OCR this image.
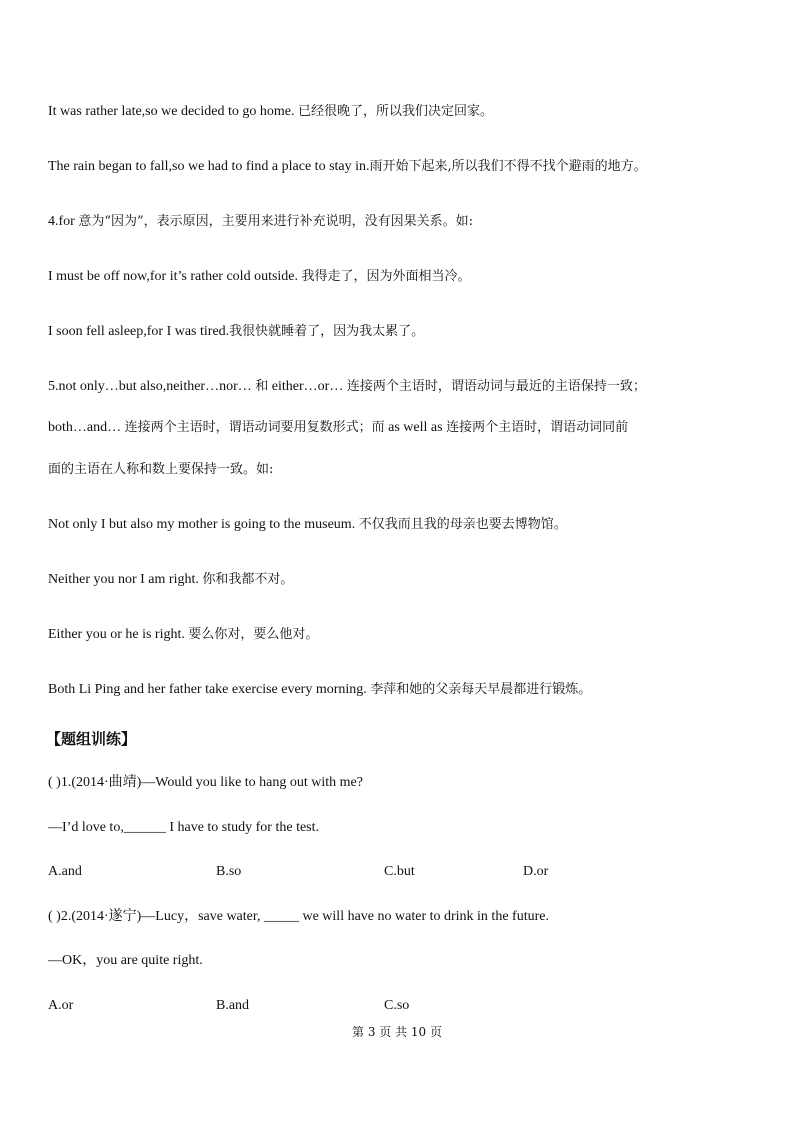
It was rather late,so we decided to go home. 已经很晚了，所以我们决定回家。

The rain began to fall,so we had to find a place to stay in.雨开始下起来,所以我们不得不找个避雨的地方。

4.for 意为“因为”，表示原因，主要用来进行补充说明，没有因果关系。如:

I must be off now,for it’s rather cold outside. 我得走了，因为外面相当冷。

I soon fell asleep,for I was tired.我很快就睡着了，因为我太累了。

5.not only…but also,neither…nor… 和 either…or… 连接两个主语时，谓语动词与最近的主语保持一致；

both…and… 连接两个主语时，谓语动词要用复数形式；而 as well as 连接两个主语时，谓语动词同前

面的主语在人称和数上要保持一致。如:

Not only I but also my mother is going to the museum. 不仅我而且我的母亲也要去博物馆。

Neither you nor I am right. 你和我都不对。

Either you or he is right. 要么你对，要么他对。

Both Li Ping and her father take exercise every morning. 李萍和她的父亲每天早晨都进行锻炼。

【题组训练】

( )1.(2014·曲靖)—Would you like to hang out with me?

—I’d love to,______ I have to study for the test.

A.and	B.so	C.but	D.or

( )2.(2014·遂宁)—Lucy，save water, _____ we will have no water to drink in the future.

—OK，you are quite right.

A.or	B.and	C.so
第 3 页 共 10 页
